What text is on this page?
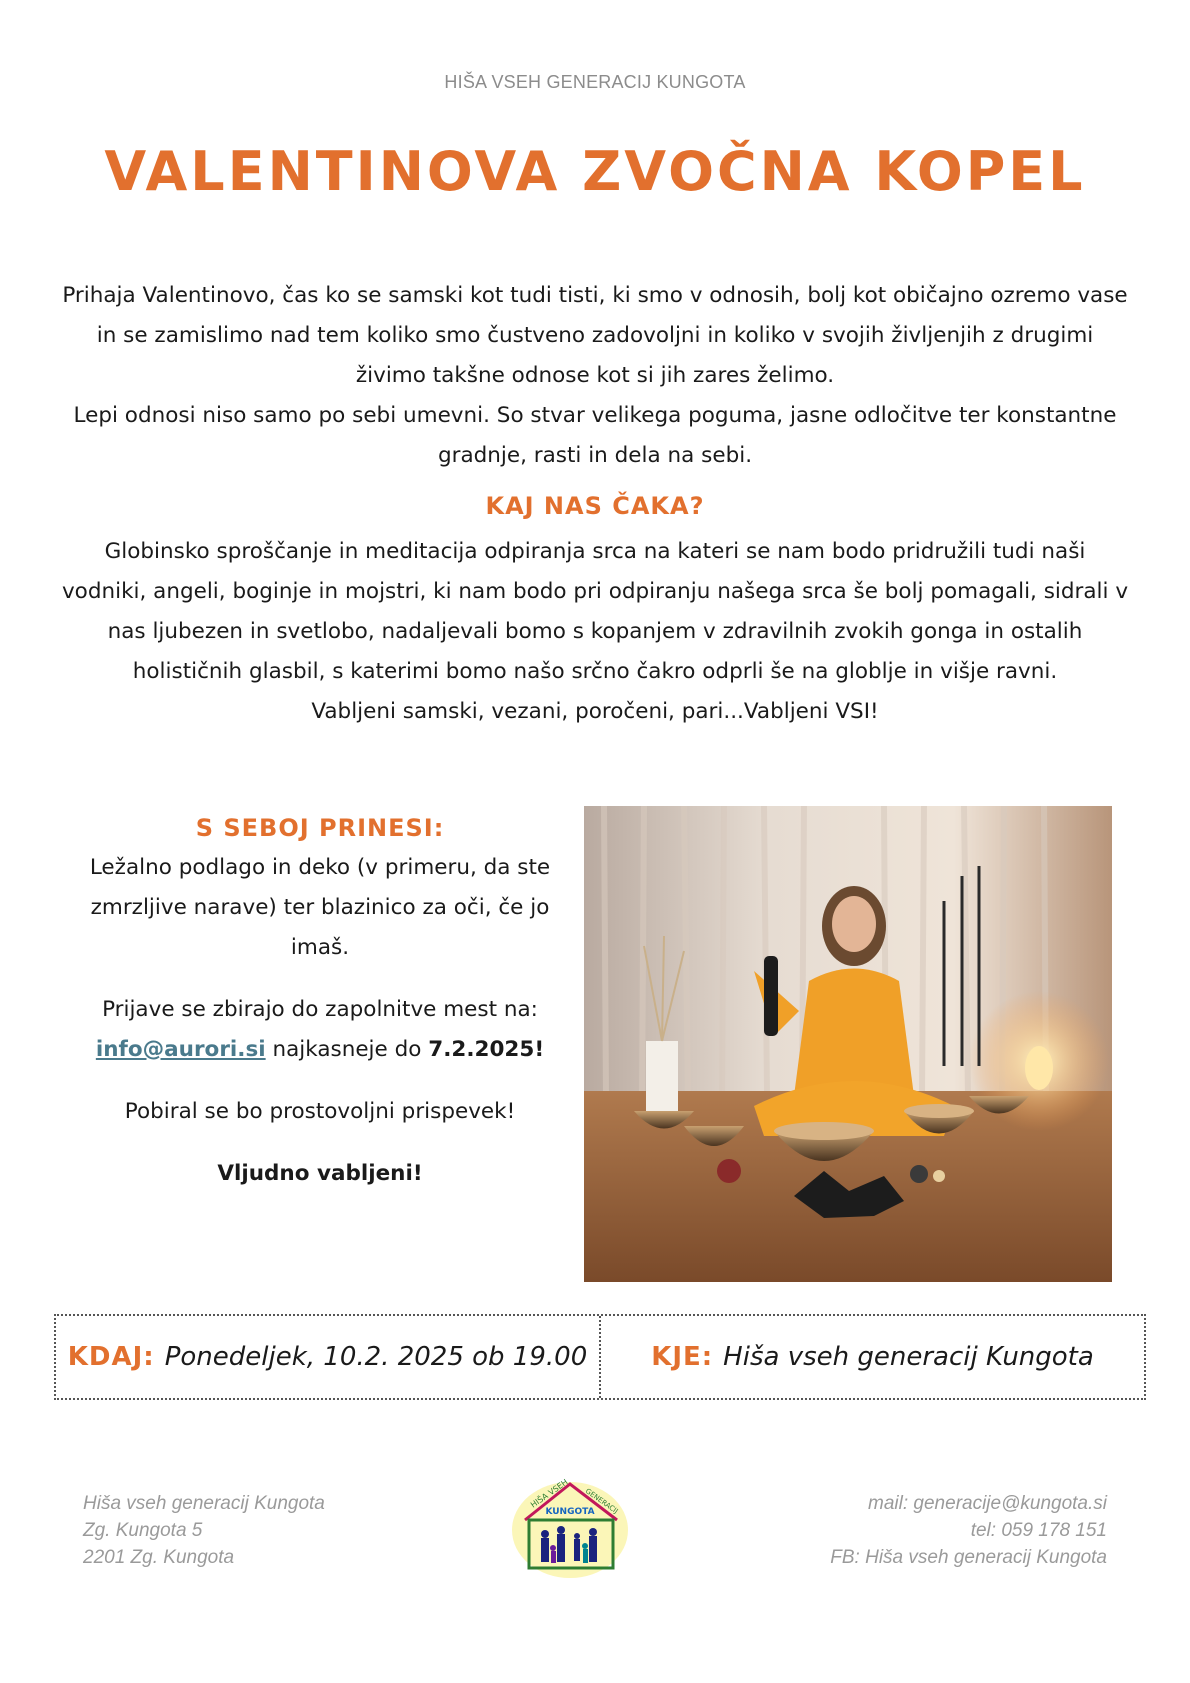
HIŠA VSEH GENERACIJ KUNGOTA
VALENTINOVA ZVOČNA KOPEL

Prihaja Valentinovo, čas ko se samski kot tudi tisti, ki smo v odnosih, bolj kot običajno ozremo vase in se zamislimo nad tem koliko smo čustveno zadovoljni in koliko v svojih življenjih z drugimi živimo takšne odnose kot si jih zares želimo.

Lepi odnosi niso samo po sebi umevni. So stvar velikega poguma, jasne odločitve ter konstantne gradnje, rasti in dela na sebi.

KAJ NAS ČAKA?

Globinsko sproščanje in meditacija odpiranja srca na kateri se nam bodo pridružili tudi naši vodniki, angeli, boginje in mojstri, ki nam bodo pri odpiranju našega srca še bolj pomagali, sidrali v nas ljubezen in svetlobo, nadaljevali bomo s kopanjem v zdravilnih zvokih gonga in ostalih holističnih glasbil, s katerimi bomo našo srčno čakro odprli še na globlje in višje ravni.

Vabljeni samski, vezani, poročeni, pari...Vabljeni VSI!

S SEBOJ PRINESI:

Ležalno podlago in deko (v primeru, da ste zmrzljive narave) ter blazinico za oči, če jo imaš.

Prijave se zbirajo do zapolnitve mest na:

info@aurori.si najkasneje do 7.2.2025!

Pobiral se bo prostovoljni prispevek!

Vljudno vabljeni!

KDAJ: Ponedeljek, 10.2. 2025 ob 19.00 KJE: Hiša vseh generacij Kungota
Hiša vseh generacij Kungota
Zg. Kungota 5
2201 Zg. Kungota
HIŠA VSEH GENERACIJ
KUNGOTA	mail: generacije@kungota.si
tel: 059 178 151
FB: Hiša vseh generacij Kungota
